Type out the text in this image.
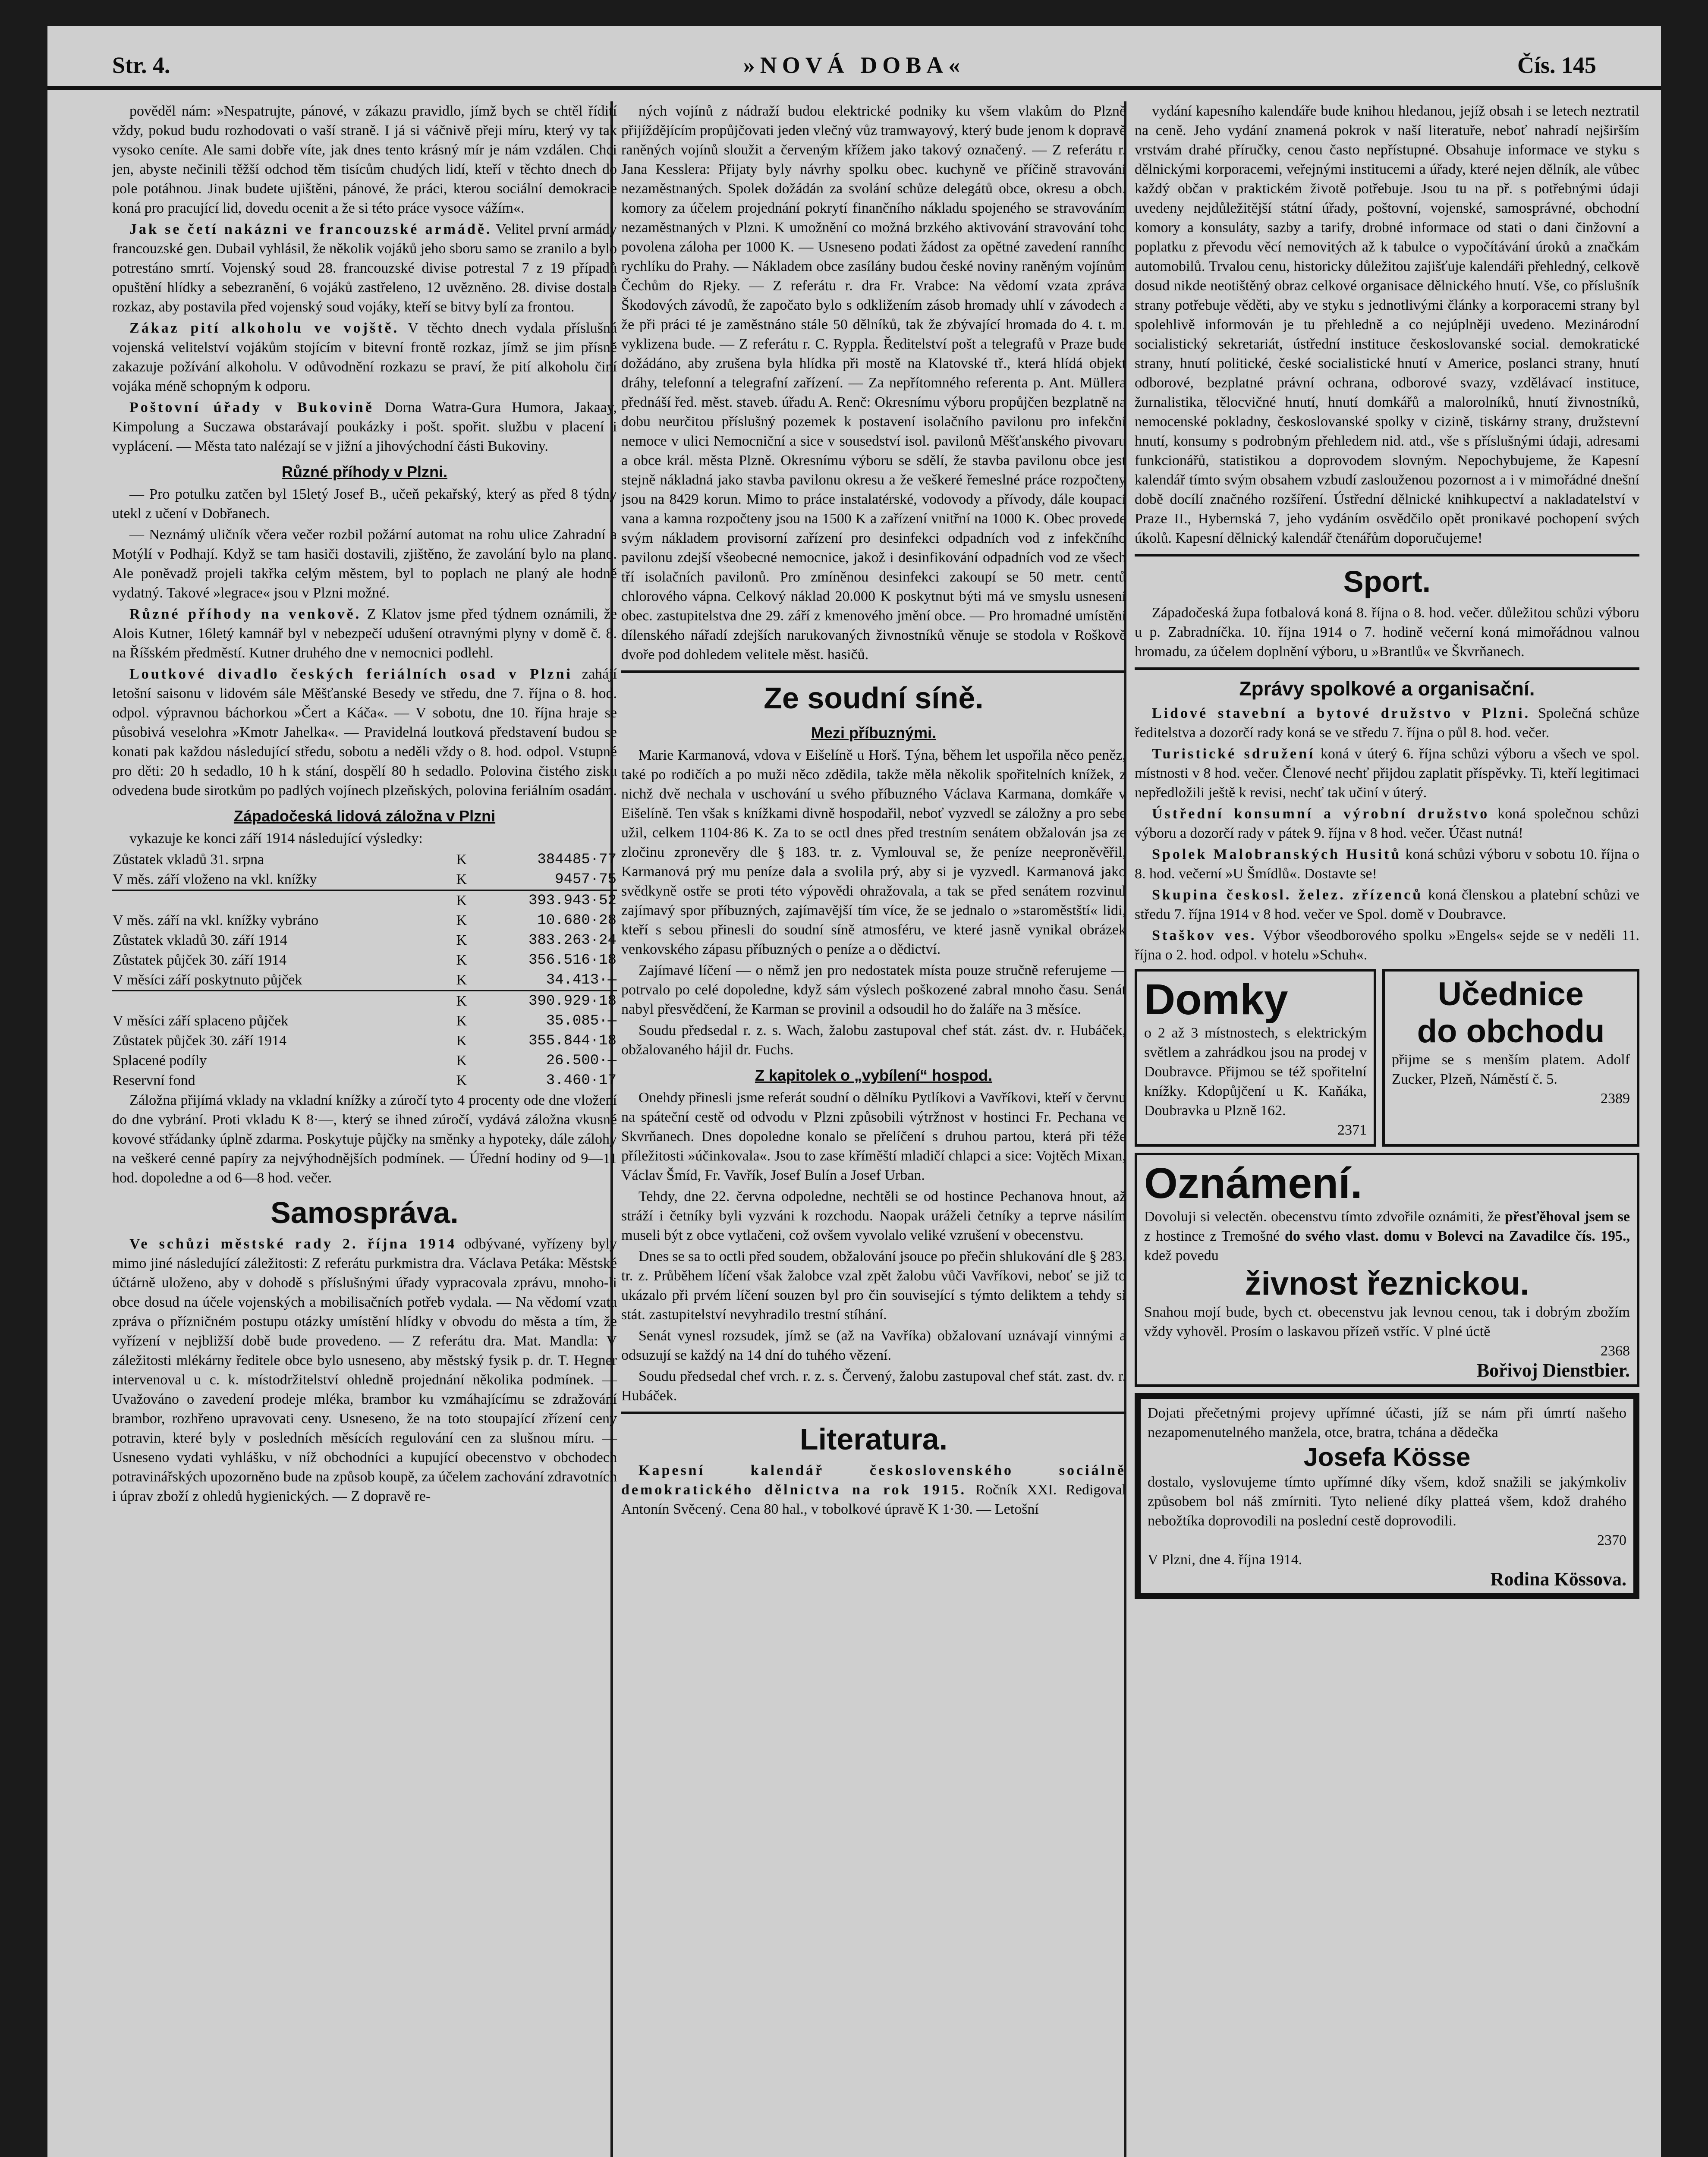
Str. 4.	»NOVÁ DOBA«	Čís. 145

pověděl nám: »Nespatrujte, pánové, v zákazu pravidlo, jímž bych se chtěl řídití vždy, pokud budu rozhodovati o vaší straně. I já si váčnivě přeji míru, který vy tak vysoko ceníte. Ale sami dobře víte, jak dnes tento krásný mír je nám vzdálen. Chci jen, abyste nečinili těžší odchod těm tisícům chudých lidí, kteří v těchto dnech do pole potáhnou. Jinak budete ujištěni, pánové, že práci, kterou sociální demokracie koná pro pracující lid, dovedu ocenit a že si této práce vysoce vážím«.

Jak se četí nakázni ve francouzské armádě. Velitel první armády francouzské gen. Dubail vyhlásil, že několik vojáků jeho sboru samo se zranilo a bylo potrestáno smrtí. Vojenský soud 28. francouzské divise potrestal 7 z 19 případů opuštění hlídky a sebezranění, 6 vojáků zastřeleno, 12 uvězněno. 28. divise dostala rozkaz, aby postavila před vojenský soud vojáky, kteří se bitvy bylí za frontou.

Zákaz pití alkoholu ve vojště. V těchto dnech vydala příslušná vojenská velitelství vojákům stojícím v bitevní frontě rozkaz, jímž se jim přísně zakazuje požívání alkoholu. V odůvodnění rozkazu se praví, že pití alkoholu činí vojáka méně schopným k odporu.

Poštovní úřady v Bukovině Dorna Watra-Gura Humora, Jakaay, Kimpolung a Suczawa obstarávají poukázky i pošt. spořit. službu v placení i vyplácení. — Města tato nalézají se v jižní a jihovýchodní části Bukoviny.

Různé příhody v Plzni.

— Pro potulku zatčen byl 15letý Josef B., učeň pekařský, který as před 8 týdny utekl z učení v Dobřanech.

— Neznámý uličník včera večer rozbil požární automat na rohu ulice Zahradní a Motýlí v Podhají. Když se tam hasiči dostavili, zjištěno, že zavolání bylo na plano. Ale poněvadž projeli takřka celým městem, byl to poplach ne planý ale hodně vydatný. Takové »legrace« jsou v Plzni možné.

Různé příhody na venkově. Z Klatov jsme před týdnem oznámili, že Alois Kutner, 16letý kamnář byl v nebezpečí udušení otravnými plyny v domě č. 8. na Říšském předměstí. Kutner druhého dne v nemocnici podlehl.

Loutkové divadlo českých feriálních osad v Plzni zahájí letošní saisonu v lidovém sále Měšťanské Besedy ve středu, dne 7. října o 8. hod. odpol. výpravnou báchorkou »Čert a Káča«. — V sobotu, dne 10. října hraje se působivá veselohra »Kmotr Jahelka«. — Pravidelná loutková představení budou se konati pak každou následující středu, sobotu a neděli vždy o 8. hod. odpol. Vstupné pro děti: 20 h sedadlo, 10 h k stání, dospělí 80 h sedadlo. Polovina čistého zisku odvedena bude sirotkům po padlých vojínech plzeňských, polovina feriálním osadám.

Západočeská lidová záložna v Plzni

vykazuje ke konci září 1914 následující výsledky:

Zůstatek vkladů 31. srpna	K	384485·77
V měs. září vloženo na vkl. knížky	K	9457·75
	K	393.943·52
V měs. září na vkl. knížky vybráno	K	10.680·28
Zůstatek vkladů 30. září 1914	K	383.263·24
Zůstatek půjček 30. září 1914	K	356.516·18
V měsíci září poskytnuto půjček	K	34.413·—
	K	390.929·18
V měsíci září splaceno půjček	K	35.085·—
Zůstatek půjček 30. září 1914	K	355.844·18
Splacené podíly	K	26.500·—
Reservní fond	K	3.460·17

Záložna přijímá vklady na vkladní knížky a zúročí tyto 4 procenty ode dne vložení do dne vybrání. Proti vkladu K 8·—, který se ihned zúročí, vydává záložna vkusné kovové střádanky úplně zdarma. Poskytuje půjčky na směnky a hypoteky, dále zálohy na veškeré cenné papíry za nejvýhodnějších podmínek. — Úřední hodiny od 9—11 hod. dopoledne a od 6—8 hod. večer.

Samospráva.

Ve schůzi městské rady 2. října 1914 odbývané, vyřízeny byly mimo jiné následující záležitosti: Z referátu purkmistra drа. Václava Petáka: Městské účtárně uloženo, aby v dohodě s příslušnými úřady vypracovala zprávu, mnoho-li obce dosud na účele vojenských a mobilisačních potřeb vydala. — Na vědomí vzata zpráva o přízničném postupu otázky umístění hlídky v obvodu do města a tím, že vyřízení v nejbližší době bude provedeno. — Z referátu dra. Mat. Mandla: V záležitosti mlékárny ředitele obce bylo usneseno, aby městský fysik p. dr. T. Hegner intervenoval u c. k. místodržitelství ohledně projednání několika podmínek. — Uvažováno o zavedení prodeje mléka, brambor ku vzmáhajícímu se zdražování brambor, rozhřeno upravovati ceny. Usneseno, že na toto stoupající zřízení ceny potravin, které byly v posledních měsících regulování cen za slušnou míru. — Usneseno vydati vyhlášku, v níž obchodníci a kupující obecenstvo v obchodech potravinářských upozorněno bude na způsob koupě, za účelem zachování zdravotních i úprav zboží z ohledů hygienických. — Z dopravě re-

ných vojínů z nádraží budou elektrické podniky ku všem vlakům do Plzně přijíždějícím propůjčovati jeden vlečný vůz tramwayový, který bude jenom k dopravě raněných vojínů sloužit a červeným křížem jako takový označený. — Z referátu r. Jana Kesslera: Přijaty byly návrhy spolku obec. kuchyně ve příčině stravování nezaměstnaných. Spolek dožádán za svolání schůze delegátů obce, okresu a obch. komory za účelem projednání pokrytí finančního nákladu spojeného se stravováním nezaměstnaných v Plzni. K umožnění co možná brzkého aktivování stravování toho povolena záloha per 1000 K. — Usneseno podati žádost za opětné zavedení ranního rychlíku do Prahy. — Nákladem obce zasílány budou české noviny raněným vojínům Čechům do Rjeky. — Z referátu r. dra Fr. Vrabce: Na vědomí vzata zpráva Škodových závodů, že započato bylo s odkližením zásob hromady uhlí v závodech a že při práci té je zaměstnáno stále 50 dělníků, tak že zbývající hromada do 4. t. m. vyklizena bude. — Z referátu r. C. Ryppla. Ředitelství pošt a telegrafů v Praze bude dožádáno, aby zrušena byla hlídka při mostě na Klatovské tř., která hlídá objekt dráhy, telefonní a telegrafní zařízení. — Za nepřítomného referenta p. Ant. Müllera přednáší řed. měst. staveb. úřadu A. Renč: Okresnímu výboru propůjčen bezplatně na dobu neurčitou příslušný pozemek k postavení isolačního pavilonu pro infekční nemoce v ulici Nemocniční a sice v sousedství isol. pavilonů Měšťanského pivovaru a obce král. města Plzně. Okresnímu výboru se sdělí, že stavba pavilonu obce jest stejně nákladná jako stavba pavilonu okresu a že veškeré řemeslné práce rozpočteny jsou na 8429 korun. Mimo to práce instalatérské, vodovody a přívody, dále koupací vana a kamna rozpočteny jsou na 1500 K a zařízení vnitřní na 1000 K. Obec provede svým nákladem provisorní zařízení pro desinfekci odpadních vod z infekčního pavilonu zdejší všeobecné nemocnice, jakož i desinfikování odpadních vod ze všech tří isolačních pavilonů. Pro zmíněnou desinfekci zakoupí se 50 metr. centů chlorového vápna. Celkový náklad 20.000 K poskytnut býti má ve smyslu usnesení obec. zastupitelstva dne 29. září z kmenového jmění obce. — Pro hromadné umístění dílenského nářadí zdejších narukovaných živnostníků věnuje se stodola v Roškově dvoře pod dohledem velitele měst. hasičů.

Ze soudní síně.
Mezi příbuznými.

Marie Karmanová, vdova v Eišelíně u Horš. Týna, během let uspořila něco peněz, také po rodičích a po muži něco zdědila, takže měla několik spořitelních knížek, z nichž dvě nechala v uschování u svého příbuzného Václava Karmana, domkáře v Eišelíně. Ten však s knížkami divně hospodařil, neboť vyzvedl se záložny a pro sebe užil, celkem 1104·86 K. Za to se octl dnes před trestním senátem obžalován jsa ze zločinu zpronevěry dle § 183. tr. z. Vymlouval se, že peníze neeproněvěřil, Karmanová prý mu peníze dala a svolila prý, aby si je vyzvedl. Karmanová jako svědkyně ostře se proti této výpovědi ohražovala, a tak se před senátem rozvinul zajímavý spor příbuzných, zajímavější tím více, že se jednalo o »staroměstští« lidi, kteří s sebou přinesli do soudní síně atmosféru, ve které jasně vynikal obrázek venkovského zápasu příbuzných o peníze a o dědictví.

Zajímavé líčení — o němž jen pro nedostatek místa pouze stručně referujeme — potrvalo po celé dopoledne, když sám výslech poškozené zabral mnoho času. Senát nabyl přesvědčení, že Karman se provinil a odsoudil ho do žaláře na 3 měsíce.

Soudu předsedal r. z. s. Wach, žalobu zastupoval chef stát. zást. dv. r. Hubáček, obžalovaného hájil dr. Fuchs.

Z kapitolek o „vybílení“ hospod.

Onehdy přinesli jsme referát soudní o dělníku Pytlíkovi a Vavříkovi, kteří v červnu na spáteční cestě od odvodu v Plzni způsobili výtržnost v hostinci Fr. Pechana ve Skvrňanech. Dnes dopoledne konalo se přelíčení s druhou partou, která při téže příležitosti »účinkovala«. Jsou to zase kříměští mladičí chlapci a sice: Vojtěch Mixan, Václav Šmíd, Fr. Vavřík, Josef Bulín a Josef Urban.

Tehdy, dne 22. června odpoledne, nechtěli se od hostince Pechanova hnout, až stráží i četníky byli vyzváni k rozchodu. Naopak uráželi četníky a teprve násilím museli být z obce vytlačeni, což ovšem vyvolalo veliké vzrušení v obecenstvu.

Dnes se sa to octli před soudem, obžalování jsouce po přečin shlukování dle § 283. tr. z. Průběhem líčení však žalobce vzal zpět žalobu vůči Vavříkovi, neboť se již to ukázalo při prvém líčení souzen byl pro čin související s týmto deliktem a tehdy si stát. zastupitelství nevyhradilo trestní stíhání.

Senát vynesl rozsudek, jímž se (až na Vavříka) obžalovaní uznávají vinnými a odsuzují se každý na 14 dní do tuhého vězení.

Soudu předsedal chef vrch. r. z. s. Červený, žalobu zastupoval chef stát. zast. dv. r. Hubáček.

Literatura.

Kapesní kalendář československého sociálně demokratického dělnictva na rok 1915. Ročník XXI. Redigoval Antonín Svěcený. Cena 80 hal., v tobolkové úpravě K 1·30. — Letošní

vydání kapesního kalendáře bude knihou hledanou, jejíž obsah i se letech neztratil na ceně. Jeho vydání znamená pokrok v naší literatuře, neboť nahradí nejširším vrstvám drahé příručky, cenou často nepřístupné. Obsahuje informace ve styku s dělnickými korporacemi, veřejnými institucemi a úřady, které nejen dělník, ale vůbec každý občan v praktickém životě potřebuje. Jsou tu na př. s potřebnými údaji uvedeny nejdůležitější státní úřady, poštovní, vojenské, samosprávné, obchodní komory a konsuláty, sazby a tarify, drobné informace od stati o dani činžovní a poplatku z převodu věcí nemovitých až k tabulce o vypočítávání úroků a značkám automobilů. Trvalou cenu, historicky důležitou zajišťuje kalendáři přehledný, celkově dosud nikde neotištěný obraz celkové organisace dělnického hnutí. Vše, co příslušník strany potřebuje věděti, aby ve styku s jednotlivými články a korporacemi strany byl spolehlivě informován je tu přehledně a co nejúplněji uvedeno. Mezinárodní socialistický sekretariát, ústřední instituce českoslovanské social. demokratické strany, hnutí politické, české socialistické hnutí v Americe, poslanci strany, hnutí odborové, bezplatné právní ochrana, odborové svazy, vzdělávací instituce, žurnalistika, tělocvičné hnutí, hnutí domkářů a malorolníků, hnutí živnostníků, nemocenské pokladny, českoslovanské spolky v cizině, tiskárny strany, družstevní hnutí, konsumy s podrobným přehledem nid. atd., vše s příslušnými údaji, adresami funkcionářů, statistikou a doprovodem slovným. Nepochybujeme, že Kapesní kalendář tímto svým obsahem vzbudí zaslouženou pozornost a i v mimořádné dnešní době docílí značného rozšíření. Ústřední dělnické knihkupectví a nakladatelství v Praze II., Hybernská 7, jeho vydáním osvědčilo opět pronikavé pochopení svých úkolů. Kapesní dělnický kalendář čtenářům doporučujeme!

Sport.

Západočeská župa fotbalová koná 8. října o 8. hod. večer. důležitou schůzi výboru u p. Zabradníčka. 10. října 1914 o 7. hodině večerní koná mimořádnou valnou hromadu, za účelem doplnění výboru, u »Brantlů« ve Škvrňanech.

Zprávy spolkové a organisační.

Lidové stavební a bytové družstvo v Plzni. Společná schůze ředitelstva a dozorčí rady koná se ve středu 7. října o půl 8. hod. večer.

Turistické sdružení koná v úterý 6. října schůzi výboru a všech ve spol. místnosti v 8 hod. večer. Členové nechť přijdou zaplatit příspěvky. Ti, kteří legitimaci nepředložili ještě k revisi, nechť tak učiní v úterý.

Ústřední konsumní a výrobní družstvo koná společnou schůzi výboru a dozorčí rady v pátek 9. října v 8 hod. večer. Účast nutná!

Spolek Malobranských Husitů koná schůzi výboru v sobotu 10. října o 8. hod. večerní »U Šmídlů«. Dostavte se!

Skupina českosl. želez. zřízenců koná členskou a platební schůzi ve středu 7. října 1914 v 8 hod. večer ve Spol. domě v Doubravce.

Staškov ves. Výbor všeodborového spolku »Engels« sejde se v neděli 11. října o 2. hod. odpol. v hotelu »Schuh«.

Domky
o 2 až 3 místnostech, s elektrickým světlem a zahrádkou jsou na prodej v Doubravce. Přijmou se též spořitelní knížky. Kdopůjčení u K. Kaňáka, Doubravka u Plzně 162.
2371
Učednice
do obchodu
přijme se s menším platem. Adolf Zucker, Plzeň, Náměstí č. 5.
2389
Oznámení.
Dovoluji si velectěn. obecenstvu tímto zdvořile oznámiti, že přesťěhoval jsem se z hostince z Tremošné do svého vlast. domu v Bolevci na Zavadilce čís. 195., kdež povedu
živnost řeznickou.
Snahou mojí bude, bych ct. obecenstvu jak levnou cenou, tak i dobrým zbožím vždy vyhověl. Prosím o laskavou přízeň vstříc. V plné úctě
2368
Bořivoj Dienstbier.
Dojati přečetnými projevy upřímné účasti, jíž se nám při úmrtí našeho nezapomenutelného manžela, otce, bratra, tchána a dědečka
Josefa Kösse
dostalo, vyslovujeme tímto upřímné díky všem, kdož snažili se jakýmkoliv způsobem bol náš zmírniti. Tyto neliené díky platteá všem, kdož drahého nebožtíka doprovodili na poslední cestě doprovodili.
2370
V Plzni, dne 4. října 1914.
Rodina Kössova.
